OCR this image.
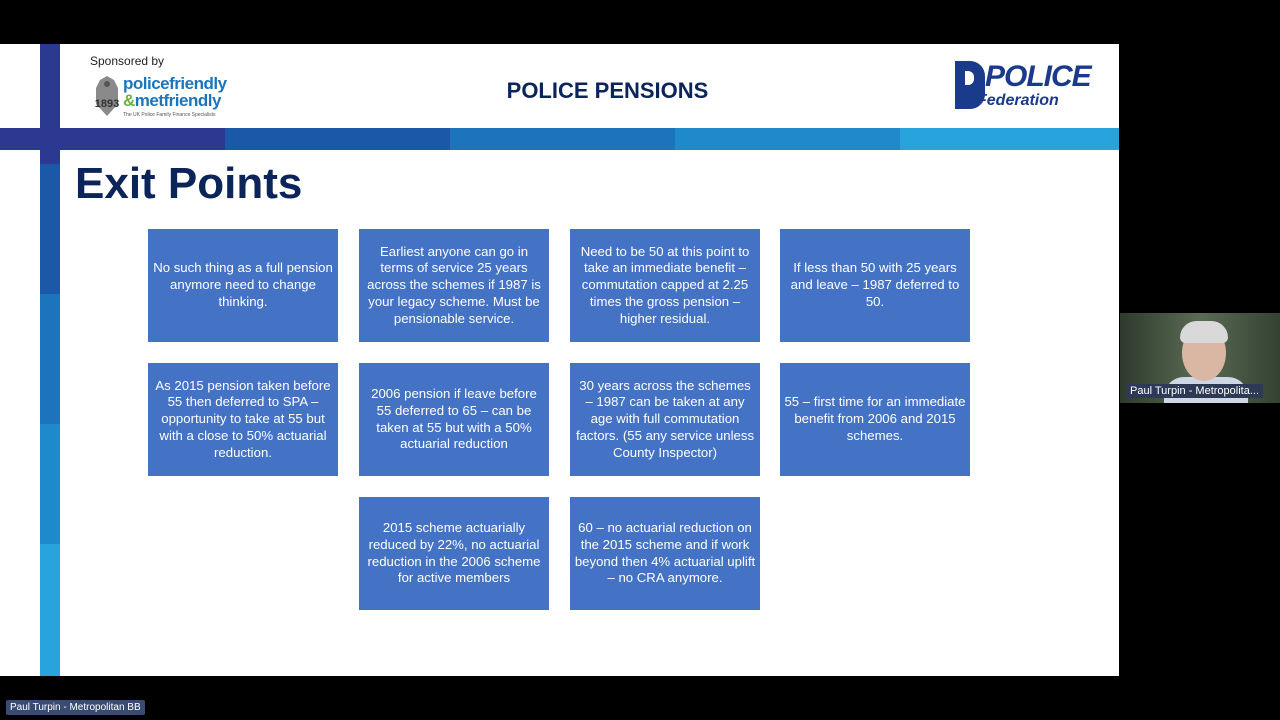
Sponsored by
1893
policefriendly
&metfriendly
The UK Police Family Finance Specialists
POLICE PENSIONS	POLICE
Federation
Exit Points
No such thing as a full pension anymore need to change thinking.
Earliest anyone can go in terms of service 25 years across the schemes if 1987 is your legacy scheme. Must be pensionable service.
Need to be 50 at this point to take an immediate benefit – commutation capped at 2.25 times the gross pension – higher residual.
If less than 50 with 25 years and leave – 1987 deferred to 50.
As 2015 pension taken before 55 then deferred to SPA – opportunity to take at 55 but with a close to 50% actuarial reduction.
2006 pension if leave before 55 deferred to 65 – can be taken at 55 but with a 50% actuarial reduction
30 years across the schemes – 1987 can be taken at any age with full commutation factors. (55 any service unless County Inspector)
55 – first time for an immediate benefit from 2006 and 2015 schemes.
2015 scheme actuarially reduced by 22%, no actuarial reduction in the 2006 scheme for active members
60 – no actuarial reduction on the 2015 scheme and if work beyond then 4% actuarial uplift – no CRA anymore.
Paul Turpin - Metropolita...
Paul Turpin - Metropolitan BB
